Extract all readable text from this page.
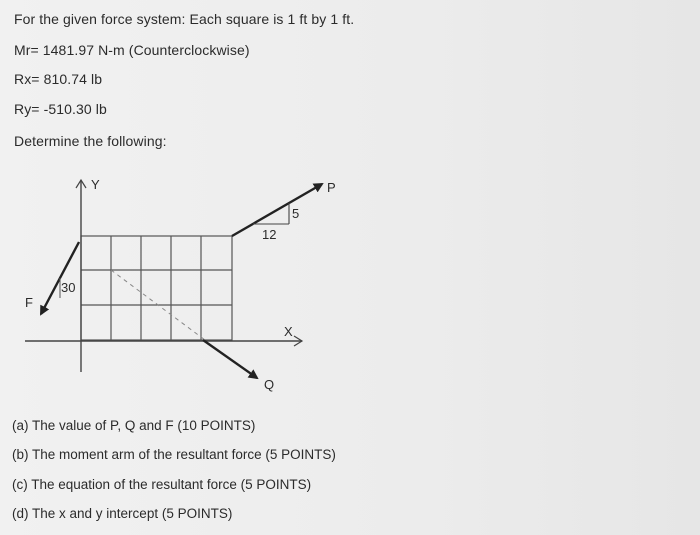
For the given force system: Each square is 1 ft by 1 ft.
Mr= 1481.97 N-m (Counterclockwise)
Rx= 810.74 lb
Ry= -510.30 lb
Determine the following:
Y
X
P
Q
F
12
5
30
(a) The value of P, Q and F (10 POINTS)
(b) The moment arm of the resultant force (5 POINTS)
(c) The equation of the resultant force (5 POINTS)
(d) The x and y intercept (5 POINTS)
